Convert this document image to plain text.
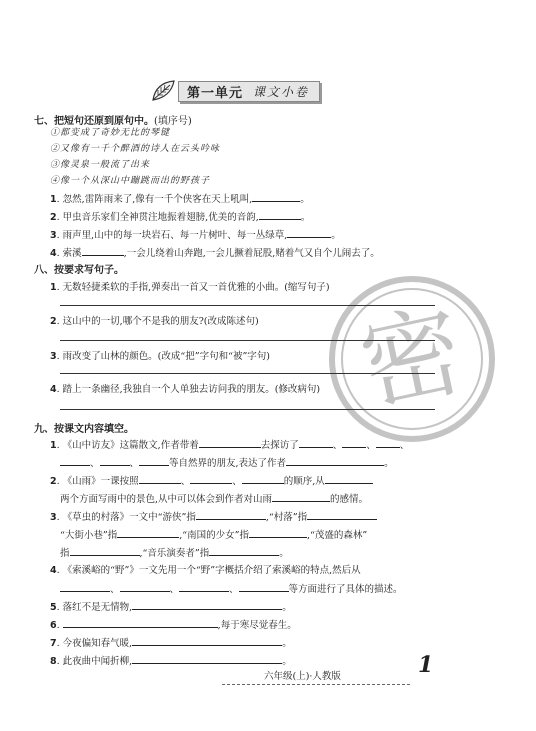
第一单元 课文小卷
密
七、把短句还原到原句中。(填序号)
①都变成了奇妙无比的琴键
②又像有一千个醉酒的诗人在云头吟咏
③像灵泉一般流了出来
④像一个从深山中蹦跳而出的野孩子
1. 忽然,雷阵雨来了,像有一千个侠客在天上吼叫,	。
2. 甲虫音乐家们全神贯注地振着翅膀,优美的音韵,	。
3. 雨声里,山中的每一块岩石、每一片树叶、每一丛绿草,	。
4. 索溪	,一会儿绕着山奔跑,一会儿撅着屁股,赌着气又自个儿闹去了。
八、按要求写句子。
1. 无数轻捷柔软的手指,弹奏出一首又一首优雅的小曲。(缩写句子)
2. 这山中的一切,哪个不是我的朋友?(改成陈述句)
3. 雨改变了山林的颜色。(改成“把”字句和“被”字句)
4. 踏上一条幽径,我独自一个人单独去访问我的朋友。(修改病句)
九、按课文内容填空。
1. 《山中访友》这篇散文,作者带着	去探访了	、	、	、
、	、	等自然界的朋友,表达了作者	。
2. 《山雨》一课按照	、	、	的顺序,从
两个方面写雨中的景色,从中可以体会到作者对山雨	的感情。
3. 《草虫的村落》一文中“游侠”指	,“村落”指
“大街小巷”指	,“南国的少女”指	,“茂盛的森林”
指	,“音乐演奏者”指	。
4. 《索溪峪的“野”》一文先用一个“野”字概括介绍了索溪峪的特点,然后从
、	、	、	等方面进行了具体的描述。
5. 落红不是无情物,	。
6.	,每于寒尽觉春生。
7. 今夜偏知春气暖,	。
8. 此夜曲中闻折柳,	。
六年级(上)·人教版	1
